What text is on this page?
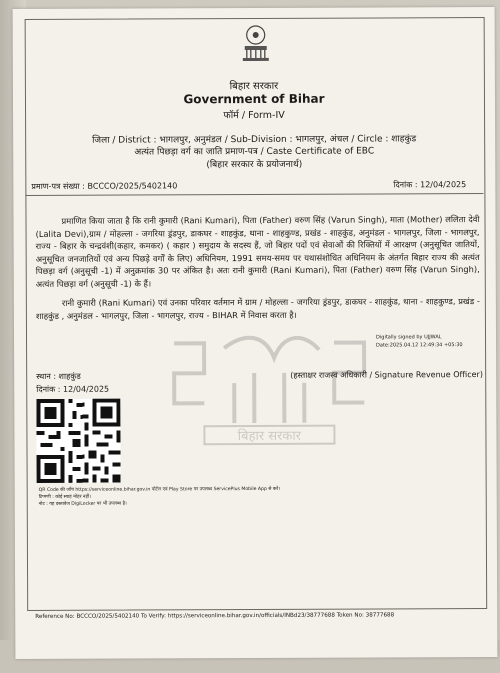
बिहार सरकार
Government of Bihar
फॉर्म / Form-IV
जिला / District : भागलपुर, अनुमंडल / Sub-Division : भागलपुर, अंचल / Circle : शाहकुंड
अत्यंत पिछड़ा वर्ग का जाति प्रमाण-पत्र / Caste Certificate of EBC
(बिहार सरकार के प्रयोजनार्थ)
प्रमाण-पत्र संख्या : BCCCO/2025/5402140	दिनांक : 12/04/2025
प्रमाणित किया जाता है कि रानी कुमारी (Rani Kumari), पिता (Father) वरुण सिंह (Varun Singh), माता (Mother) ललिता देवी (Lalita Devi),ग्राम / मोहल्ला - जगरिया ड्रंडपुर, डाकघर - शाहकुंड, थाना - शाहकुण्ड, प्रखंड - शाहकुंड, अनुमंडल - भागलपुर, जिला - भागलपुर, राज्य - बिहार के चन्द्रवंशी(कहार, कमकर) ( कहार ) समुदाय के सदस्य हैं, जो बिहार पदों एवं सेवाओं की रिक्तियों में आरक्षण (अनुसूचित जातियों, अनुसूचित जनजातियों एवं अन्य पिछड़े वर्गों के लिए) अधिनियम, 1991 समय-समय पर यथासंशोधित अधिनियम के अंतर्गत बिहार राज्य की अत्यंत पिछड़ा वर्ग (अनुसूची -1) में अनुक्रमांक 30 पर अंकित है। अतः रानी कुमारी (Rani Kumari), पिता (Father) वरुण सिंह (Varun Singh), अत्यंत पिछड़ा वर्ग (अनुसूची -1) के हैं।
रानी कुमारी (Rani Kumari) एवं उनका परिवार वर्तमान में ग्राम / मोहल्ला - जगरिया ड्रंडपुर, डाकघर - शाहकुंड, थाना - शाहकुण्ड, प्रखंड - शाहकुंड , अनुमंडल - भागलपुर, जिला - भागलपुर, राज्य - BIHAR में निवास करता है।
बिहार सरकार
Digitally signed by UJJWAL
Date:2025.04.12 12:49:34 +05:30
स्थान : शाहकुंड
दिनांक : 12/04/2025
(हस्ताक्षर राजस्व अधिकारी / Signature Revenue Officer)
QR Code की जाँच https://serviceonline.bihar.gov.in पोर्टल एवं Play Store पर उपलब्ध ServicePlus Mobile App से करें।
टिप्पणी : कोई स्याह मोहर नहीं।
नोट : यह दस्तावेज DigiLocker पर भी उपलब्ध है।
Reference No: BCCCO/2025/5402140 To Verify: https://serviceonline.bihar.gov.in/officials/INBd23/38777688 Token No: 38777688
